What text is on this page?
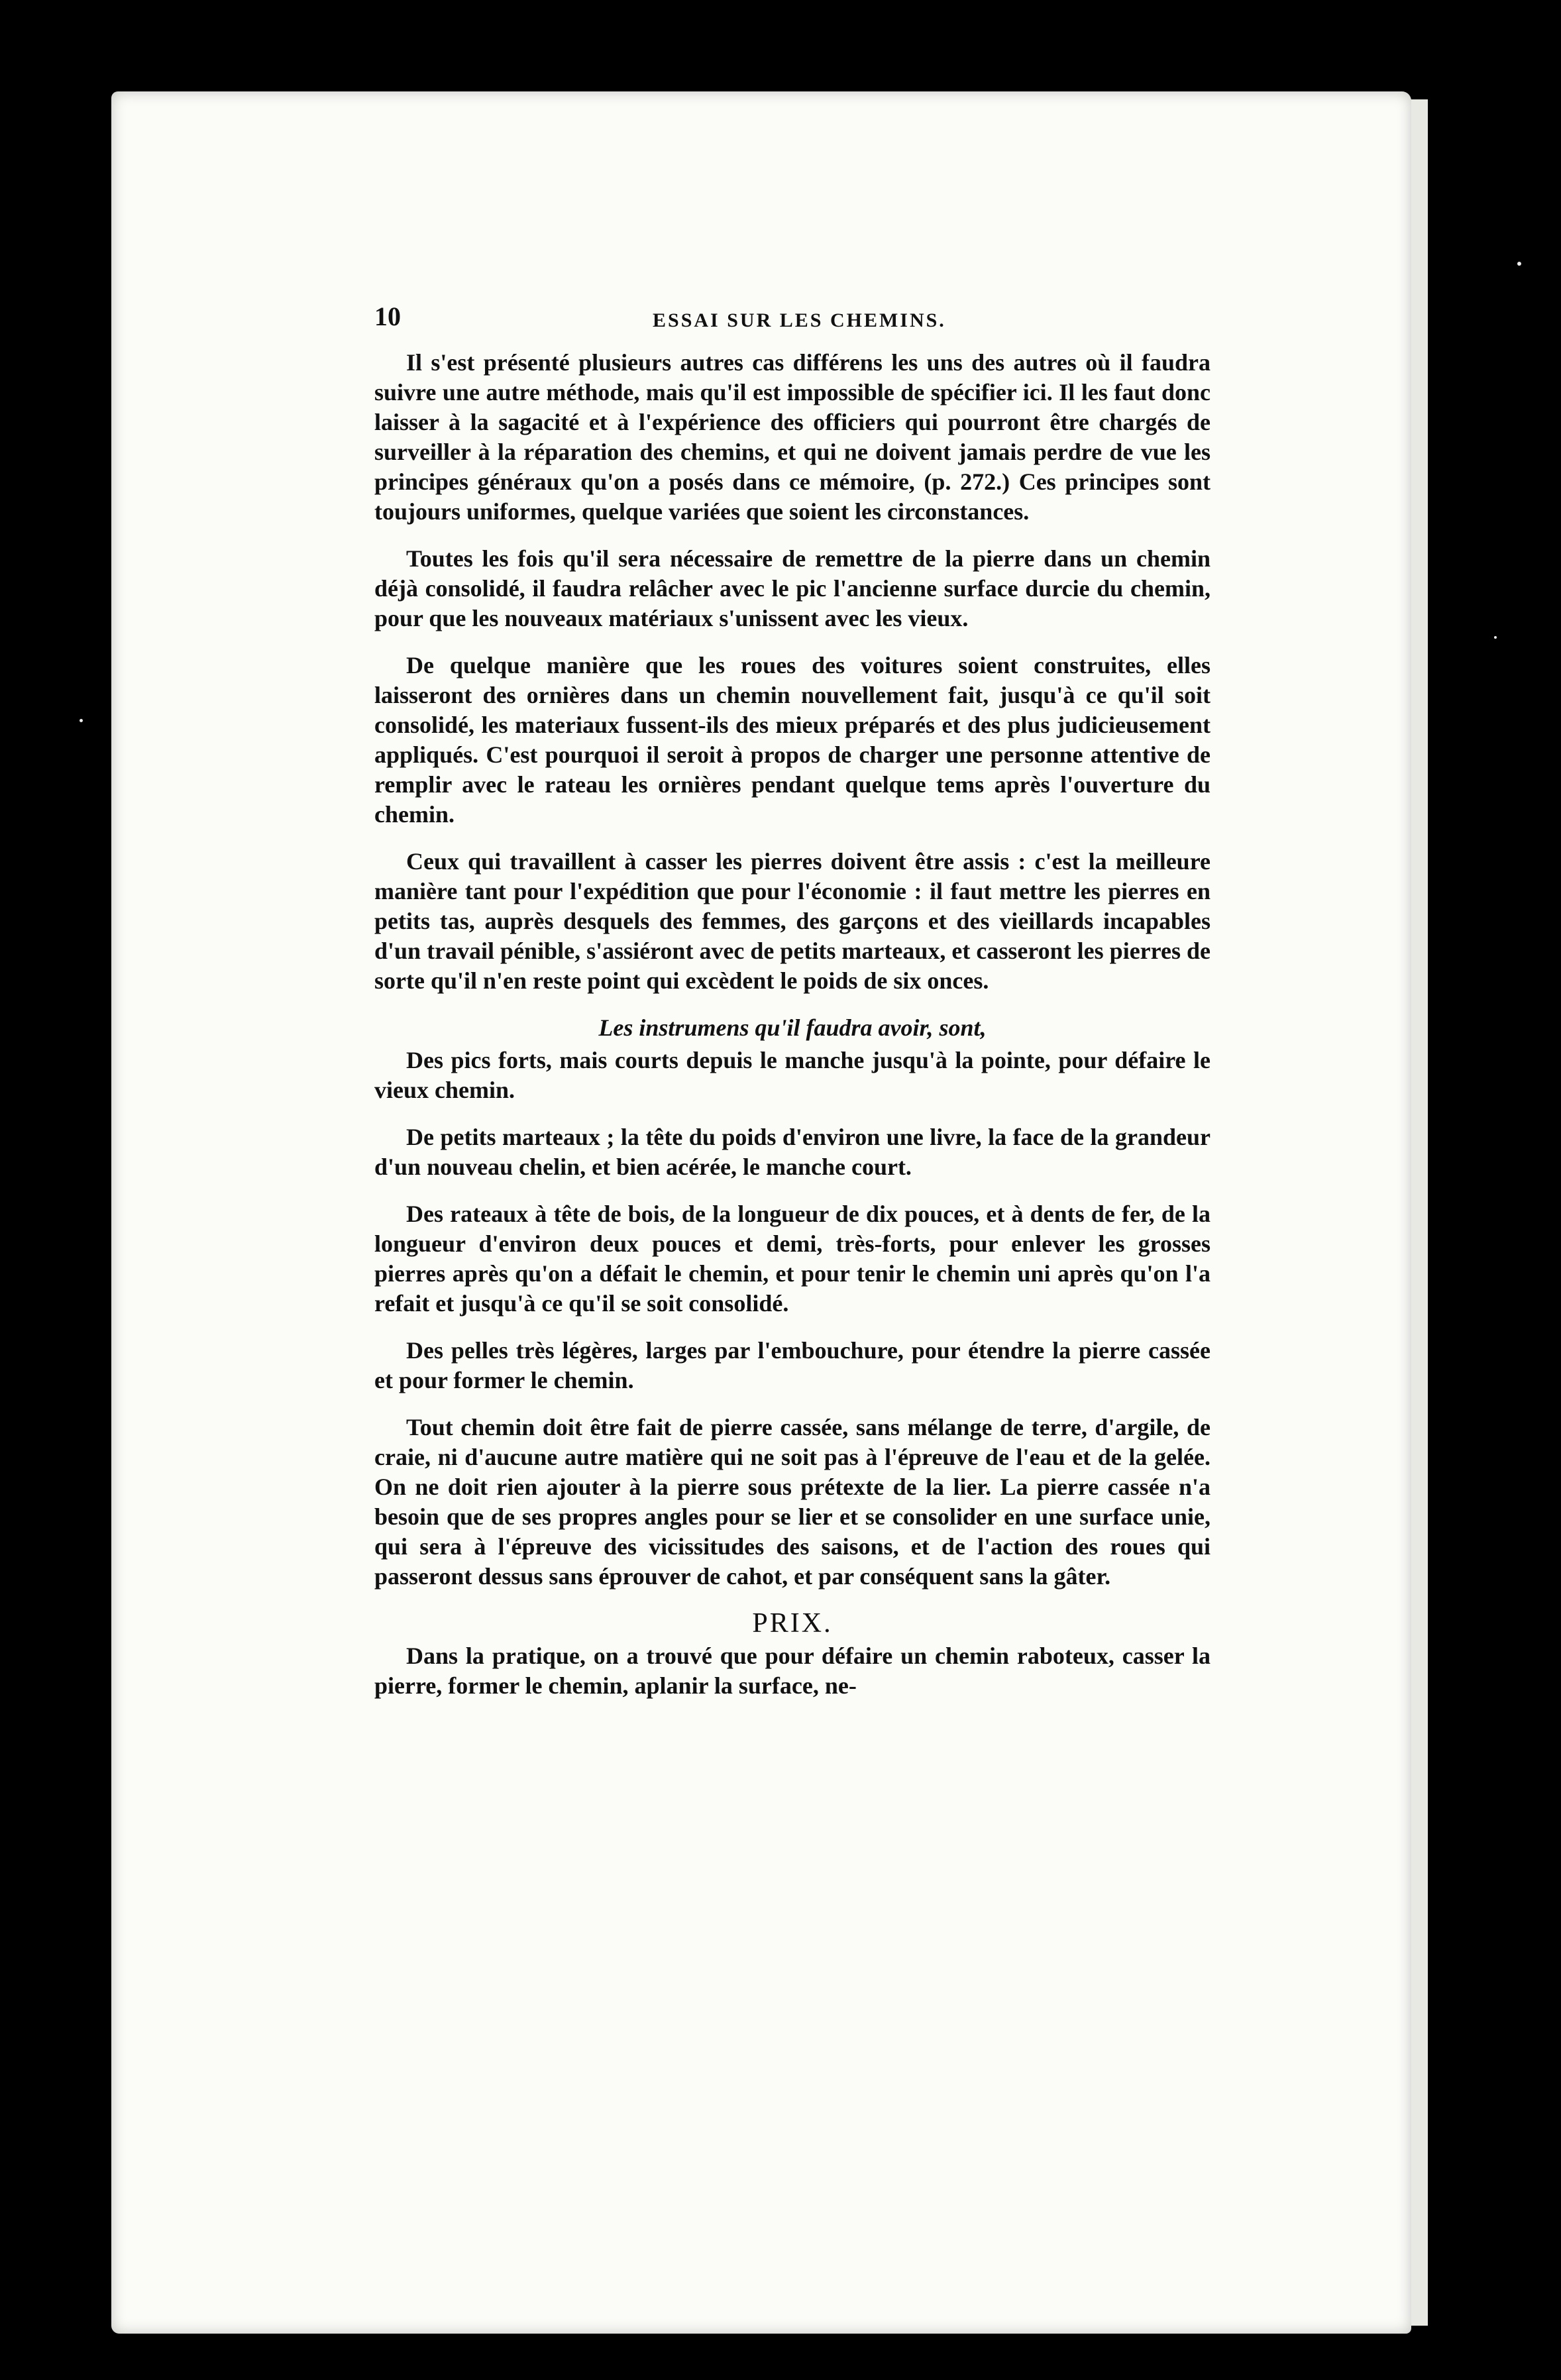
10	ESSAI SUR LES CHEMINS.

Il s'est présenté plusieurs autres cas différens les uns des autres où il faudra suivre une autre méthode, mais qu'il est impossible de spécifier ici. Il les faut donc laisser à la sagacité et à l'expérience des officiers qui pourront être chargés de surveiller à la réparation des chemins, et qui ne doivent jamais perdre de vue les principes généraux qu'on a posés dans ce mémoire, (p. 272.) Ces principes sont toujours uniformes, quelque variées que soient les circonstances.

Toutes les fois qu'il sera nécessaire de remettre de la pierre dans un chemin déjà consolidé, il faudra relâcher avec le pic l'ancienne surface durcie du chemin, pour que les nouveaux matériaux s'unissent avec les vieux.

De quelque manière que les roues des voitures soient construites, elles laisseront des ornières dans un chemin nouvellement fait, jusqu'à ce qu'il soit consolidé, les materiaux fussent-ils des mieux préparés et des plus judicieusement appliqués. C'est pourquoi il seroit à propos de charger une personne attentive de remplir avec le rateau les ornières pendant quelque tems après l'ouverture du chemin.

Ceux qui travaillent à casser les pierres doivent être assis : c'est la meilleure manière tant pour l'expédition que pour l'économie : il faut mettre les pierres en petits tas, auprès desquels des femmes, des garçons et des vieillards incapables d'un travail pénible, s'assiéront avec de petits marteaux, et casseront les pierres de sorte qu'il n'en reste point qui excèdent le poids de six onces.

Les instrumens qu'il faudra avoir, sont,

Des pics forts, mais courts depuis le manche jusqu'à la pointe, pour défaire le vieux chemin.

De petits marteaux ; la tête du poids d'environ une livre, la face de la grandeur d'un nouveau chelin, et bien acérée, le manche court.

Des rateaux à tête de bois, de la longueur de dix pouces, et à dents de fer, de la longueur d'environ deux pouces et demi, très-forts, pour enlever les grosses pierres après qu'on a défait le chemin, et pour tenir le chemin uni après qu'on l'a refait et jusqu'à ce qu'il se soit consolidé.

Des pelles très légères, larges par l'embouchure, pour étendre la pierre cassée et pour former le chemin.

Tout chemin doit être fait de pierre cassée, sans mélange de terre, d'argile, de craie, ni d'aucune autre matière qui ne soit pas à l'épreuve de l'eau et de la gelée. On ne doit rien ajouter à la pierre sous prétexte de la lier. La pierre cassée n'a besoin que de ses propres angles pour se lier et se consolider en une surface unie, qui sera à l'épreuve des vicissitudes des saisons, et de l'action des roues qui passeront dessus sans éprouver de cahot, et par conséquent sans la gâter.

PRIX.

Dans la pratique, on a trouvé que pour défaire un chemin raboteux, casser la pierre, former le chemin, aplanir la surface, ne-
